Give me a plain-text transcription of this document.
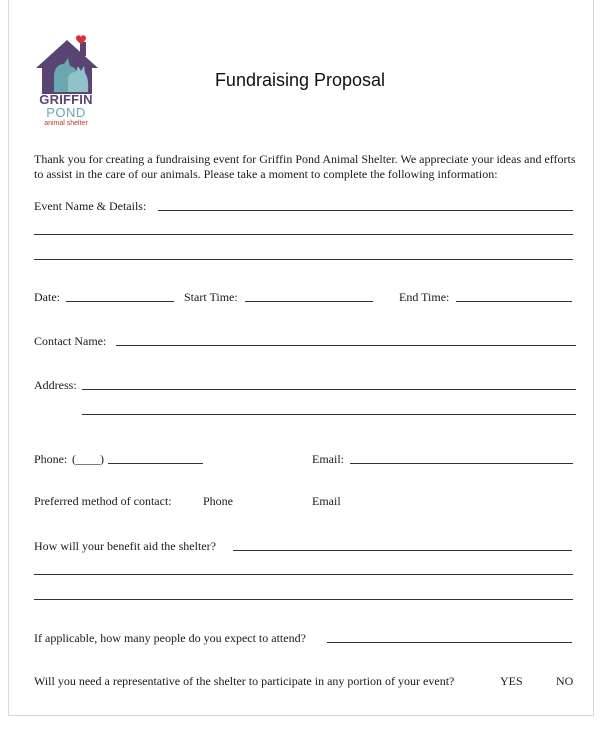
GRIFFIN
POND
animal shelter
Fundraising Proposal
Thank you for creating a fundraising event for Griffin Pond Animal Shelter. We appreciate your ideas and efforts to assist in the care of our animals. Please take a moment to complete the following information:
Event Name & Details:
Date:	Start Time:	End Time:
Contact Name:
Address:
Phone: (____)	Email:
Preferred method of contact:	Phone	Email
How will your benefit aid the shelter?
If applicable, how many people do you expect to attend?
Will you need a representative of the shelter to participate in any portion of your event?	YES	NO
